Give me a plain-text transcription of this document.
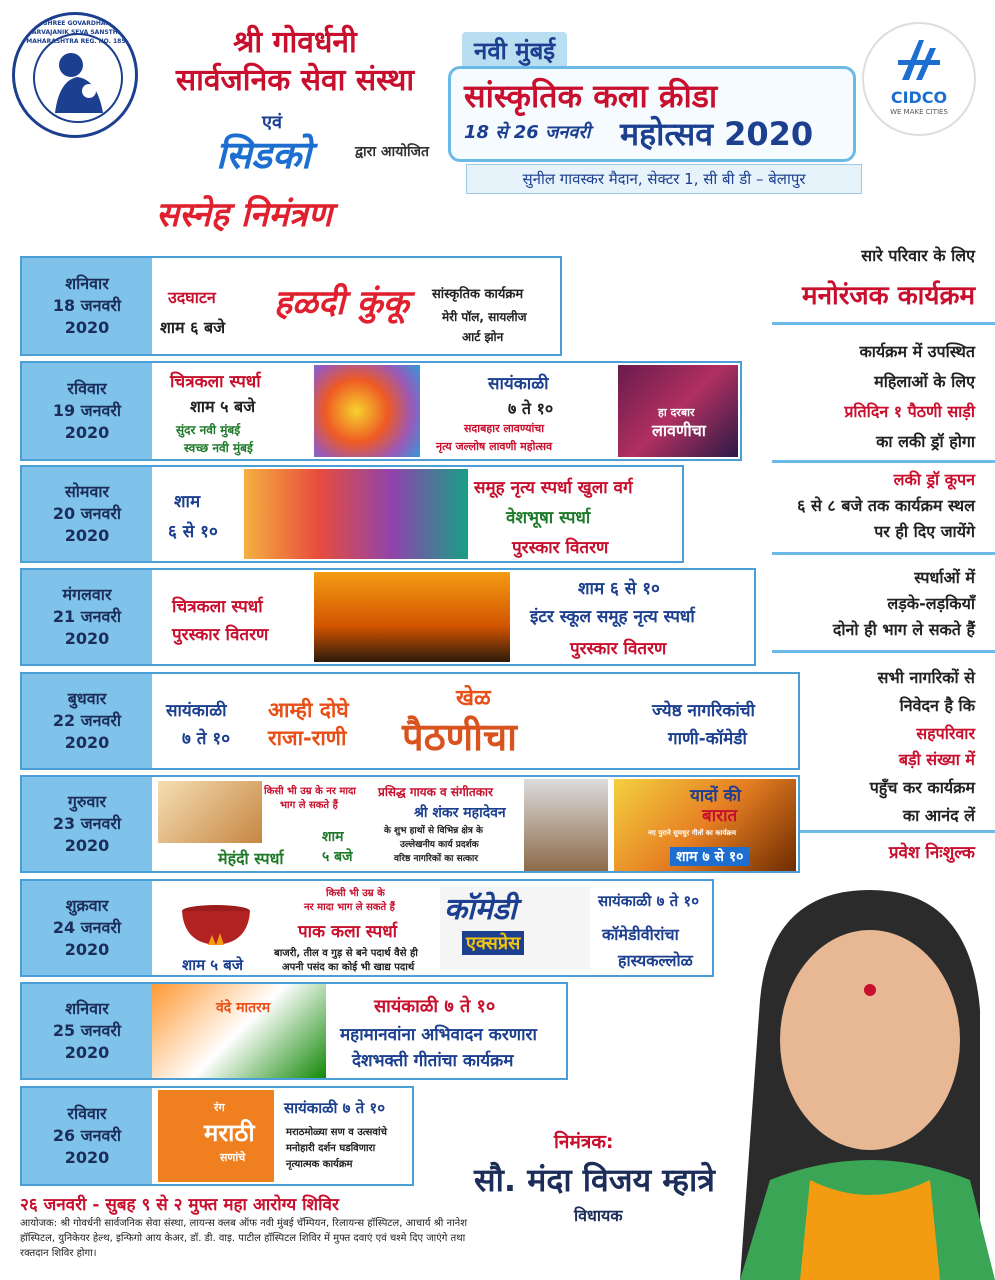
SHREE GOVARDHANI SARVAJANIK SEVA SANSTHA • MAHARASHTRA REG. NO. 1856	श्री गोवर्धनी
सार्वजनिक सेवा संस्था
एवं
सिडको	द्वारा आयोजित
सस्नेह निमंत्रण
नवी मुंबई
सांस्कृतिक कला क्रीडा
18 से 26 जनवरी महोत्सव 2020
सुनील गावस्कर मैदान, सेक्टर 1, सी बी डी – बेलापुर
CIDCO
WE MAKE CITIES
सारे परिवार के लिए
मनोरंजक कार्यक्रम
कार्यक्रम में उपस्थित
महिलाओं के लिए
प्रतिदिन १ पैठणी साड़ी
का लकी ड्रॉ होगा
लकी ड्रॉ कूपन
६ से ८ बजे तक कार्यक्रम स्थल
पर ही दिए जायेंगे
स्पर्धाओं में
लड़के-लड़कियाँ
दोनो ही भाग ले सकते हैं
सभी नागरिकों से
निवेदन है कि
सहपरिवार
बड़ी संख्या में
पहुँच कर कार्यक्रम
का आनंद लें
प्रवेश निःशुल्क
शनिवार
18 जनवरी
2020
उदघाटन
शाम ६ बजे
हळदी कुंकू सांस्कृतिक कार्यक्रम
मेरी पॉल, सायलीज
आर्ट झोन
रविवार
19 जनवरी
2020
चित्रकला स्पर्धा
शाम ५ बजे
सुंदर नवी मुंबई
स्वच्छ नवी मुंबई
सायंकाळी
७ ते १०
सदाबहार लावण्यांचा
नृत्य जल्लोष लावणी महोत्सव
हा दरबार
लावणीचा
सोमवार
20 जनवरी
2020
शाम
६ से १०
समूह नृत्य स्पर्धा खुला वर्ग
वेशभूषा स्पर्धा
पुरस्कार वितरण
मंगलवार
21 जनवरी
2020
चित्रकला स्पर्धा
पुरस्कार वितरण
शाम ६ से १०
इंटर स्कूल समूह नृत्य स्पर्धा
पुरस्कार वितरण
बुधवार
22 जनवरी
2020
सायंकाळी
७ ते १०
आम्ही दोघे
राजा-राणी
खेळ
पैठणीचा
ज्येष्ठ नागरिकांची
गाणी-कॉमेडी
गुरुवार
23 जनवरी
2020
किसी भी उम्र के नर मादा
भाग ले सकते हैं
मेहंदी स्पर्धा
शाम
५ बजे
प्रसिद्ध गायक व संगीतकार
श्री शंकर महादेवन
के शुभ हाथों से विभिन्न क्षेत्र के
उल्लेखनीय कार्य प्रदर्शक
वरिष्ठ नागरिकों का सत्कार
यादों की
बारात
नए पुराने सुमधुर गीतों का कार्यक्रम
शाम ७ से १०
शुक्रवार
24 जनवरी
2020
शाम ५ बजे
किसी भी उम्र के
नर मादा भाग ले सकते हैं
पाक कला स्पर्धा
बाजरी, तील व गुड़ से बने पदार्थ वैसे ही
अपनी पसंद का कोई भी खाद्य पदार्थ
कॉमेडी
एक्सप्रेस
सायंकाळी ७ ते १०
कॉमेडीवीरांचा
हास्यकल्लोळ
शनिवार
25 जनवरी
2020
वंदे मातरम	सायंकाळी ७ ते १०
महामानवांना अभिवादन करणारा
देशभक्ती गीतांचा कार्यक्रम
रविवार
26 जनवरी
2020
रंग
मराठी
सणांचे
सायंकाळी ७ ते १०
मराठमोळ्या सण व उत्सवांचे
मनोहारी दर्शन घडविणारा
नृत्यात्मक कार्यक्रम
२६ जनवरी - सुबह ९ से २ मुफ्त महा आरोग्य शिविर
आयोजक: श्री गोवर्धनी सार्वजनिक सेवा संस्था, लायन्स क्लब ऑफ नवी मुंबई चॅम्पियन, रिलायन्स हॉस्पिटल, आचार्य श्री नानेश हॉस्पिटल, युनिकेयर हेल्थ, इन्फिगो आय केअर, डॉ. डी. वाइ. पाटील हॉस्पिटल शिविर में मुफ्त दवाएं एवं चश्मे दिए जाएंगे तथा रक्तदान शिविर होगा।
निमंत्रक:
सौ. मंदा विजय म्हात्रे
विधायक
